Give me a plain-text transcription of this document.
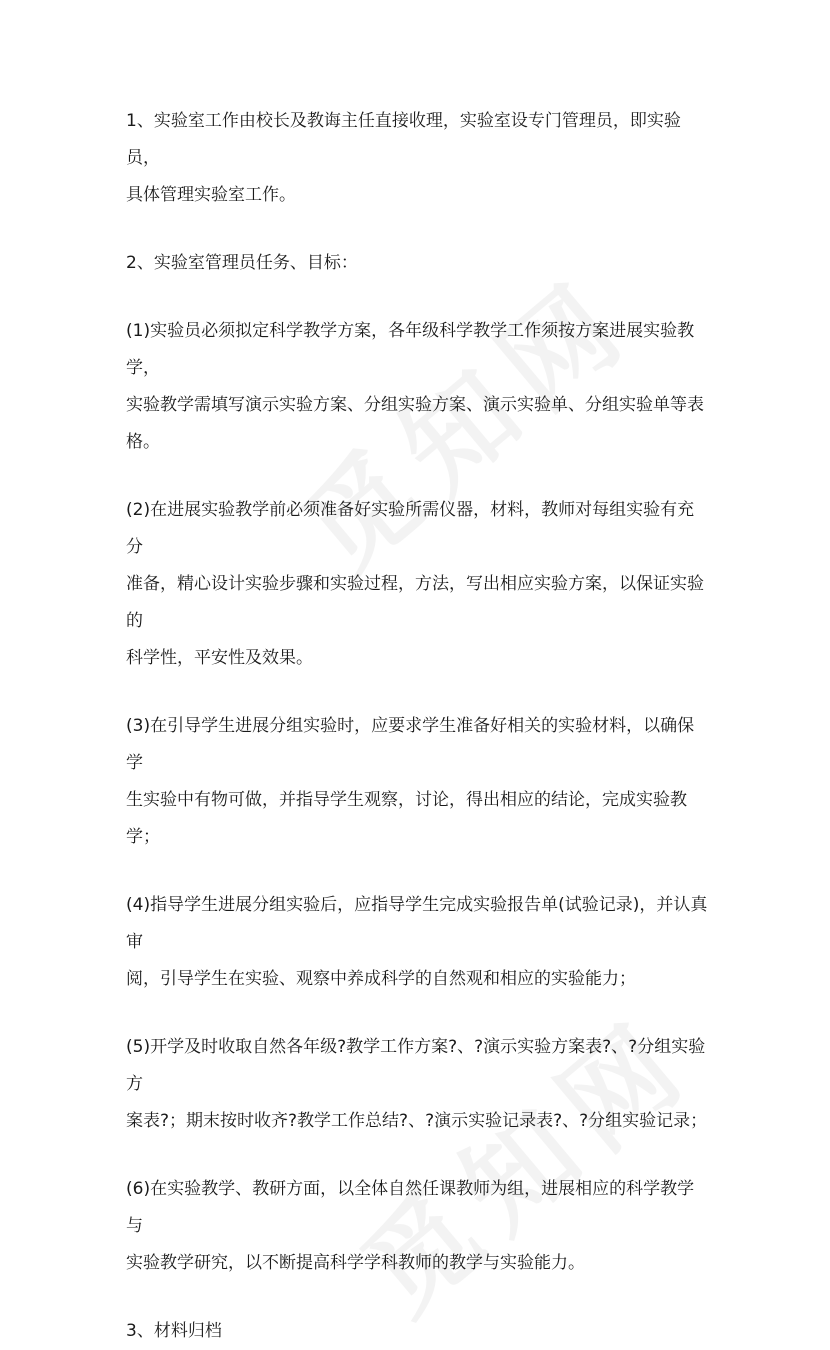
1、实验室工作由校长及教诲主任直接收理，实验室设专门管理员，即实验员，
具体管理实验室工作。

2、实验室管理员任务、目标：

(1)实验员必须拟定科学教学方案，各年级科学教学工作须按方案进展实验教学，
实验教学需填写演示实验方案、分组实验方案、演示实验单、分组实验单等表格。

(2)在进展实验教学前必须准备好实验所需仪器，材料，教师对每组实验有充分
准备，精心设计实验步骤和实验过程，方法，写出相应实验方案，以保证实验的
科学性，平安性及效果。

(3)在引导学生进展分组实验时，应要求学生准备好相关的实验材料，以确保学
生实验中有物可做，并指导学生观察，讨论，得出相应的结论，完成实验教学；

(4)指导学生进展分组实验后，应指导学生完成实验报告单(试验记录)，并认真审
阅，引导学生在实验、观察中养成科学的自然观和相应的实验能力；

(5)开学及时收取自然各年级?教学工作方案?、?演示实验方案表?、?分组实验方
案表?；期末按时收齐?教学工作总结?、?演示实验记录表?、?分组实验记录；

(6)在实验教学、教研方面，以全体自然任课教师为组，进展相应的科学教学与
实验教学研究，以不断提高科学学科教师的教学与实验能力。

3、材料归档
